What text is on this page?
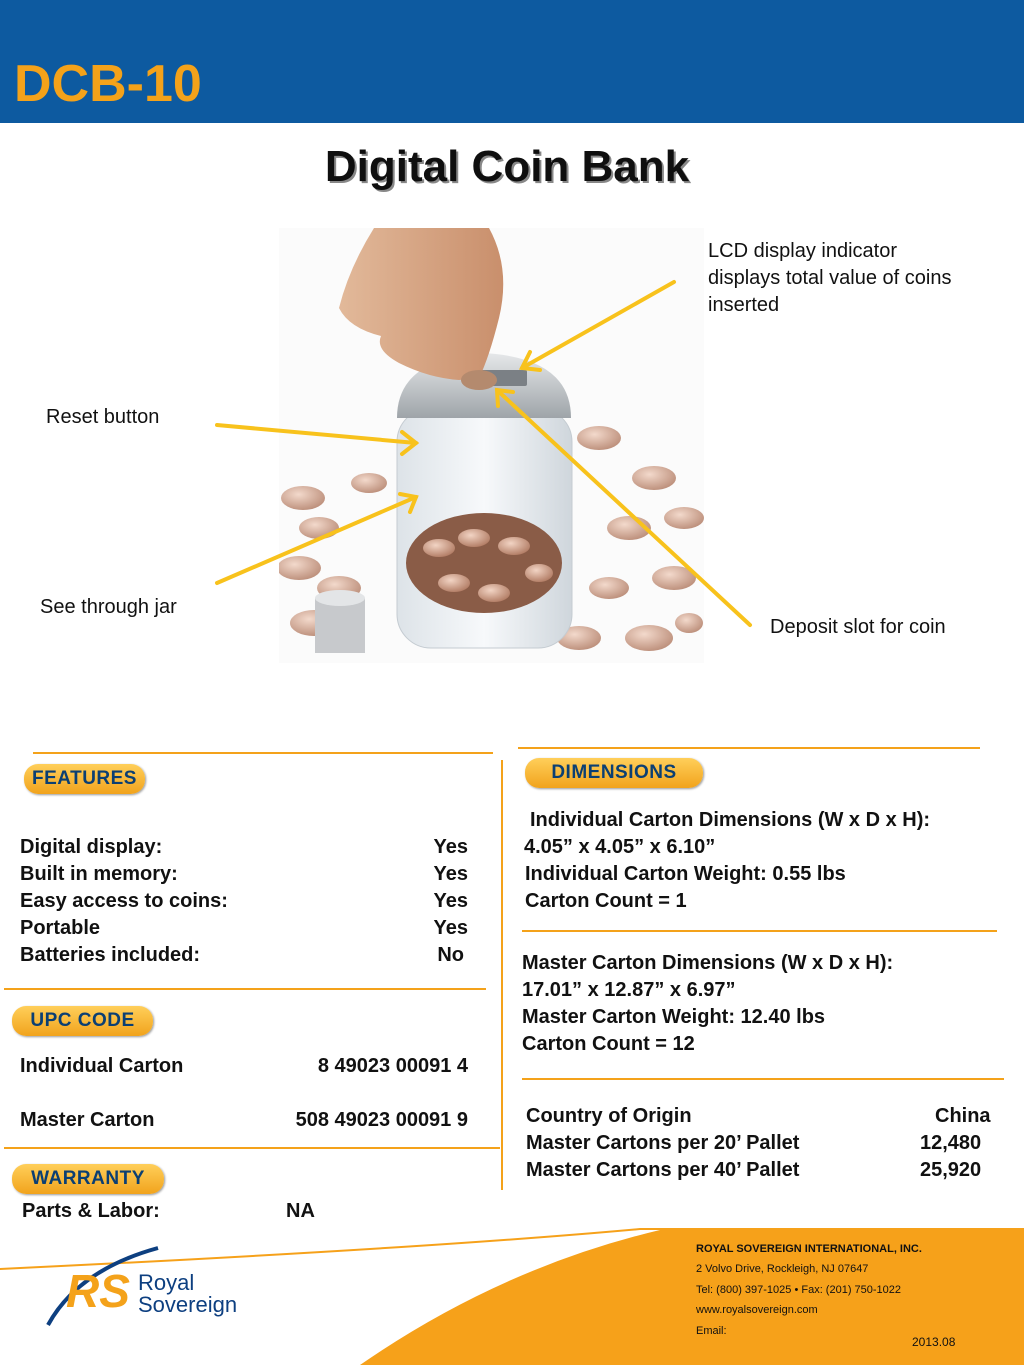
DCB-10
Digital Coin Bank
LCD display indicator
displays total value of coins
inserted
Reset button
See through jar
Deposit slot for coin
FEATURES
Digital display:	Yes
Built in memory:	Yes
Easy access to coins:	Yes
Portable	Yes
Batteries included:	No
UPC CODE
Individual Carton	8 49023 00091 4
Master Carton	508 49023 00091 9
WARRANTY
Parts & Labor:	NA
DIMENSIONS
Individual Carton Dimensions (W x D x H):
4.05” x 4.05” x 6.10”
Individual Carton Weight: 0.55 lbs
Carton Count = 1
Master Carton Dimensions (W x D x H):
17.01” x 12.87” x 6.97”
Master Carton Weight: 12.40 lbs
Carton Count = 12
Country of Origin	China
Master Cartons per 20’ Pallet	12,480
Master Cartons per 40’ Pallet	25,920
RS Royal
Sovereign
ROYAL SOVEREIGN INTERNATIONAL, INC.
2 Volvo Drive, Rockleigh, NJ 07647
Tel: (800) 397-1025 • Fax: (201) 750-1022
www.royalsovereign.com
Email:
2013.08
